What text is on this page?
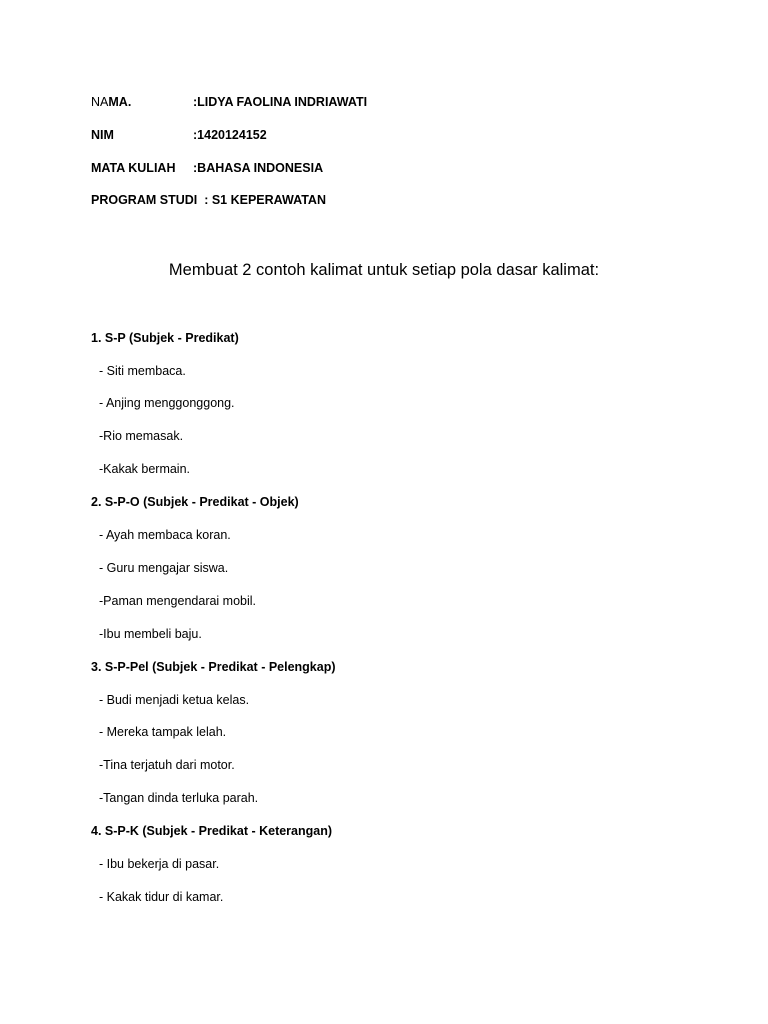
NAMA.	:LIDYA FAOLINA INDRIAWATI
NIM	:1420124152
MATA KULIAH :BAHASA INDONESIA
PROGRAM STUDI  : S1 KEPERAWATAN
Membuat 2 contoh kalimat untuk setiap pola dasar kalimat:
1. S-P (Subjek - Predikat)
- Siti membaca.
- Anjing menggonggong.
-Rio memasak.
-Kakak bermain.
2. S-P-O (Subjek - Predikat - Objek)
- Ayah membaca koran.
- Guru mengajar siswa.
-Paman mengendarai mobil.
-Ibu membeli baju.
3. S-P-Pel (Subjek - Predikat - Pelengkap)
- Budi menjadi ketua kelas.
- Mereka tampak lelah.
-Tina terjatuh dari motor.
-Tangan dinda terluka parah.
4. S-P-K (Subjek - Predikat - Keterangan)
- Ibu bekerja di pasar.
- Kakak tidur di kamar.
